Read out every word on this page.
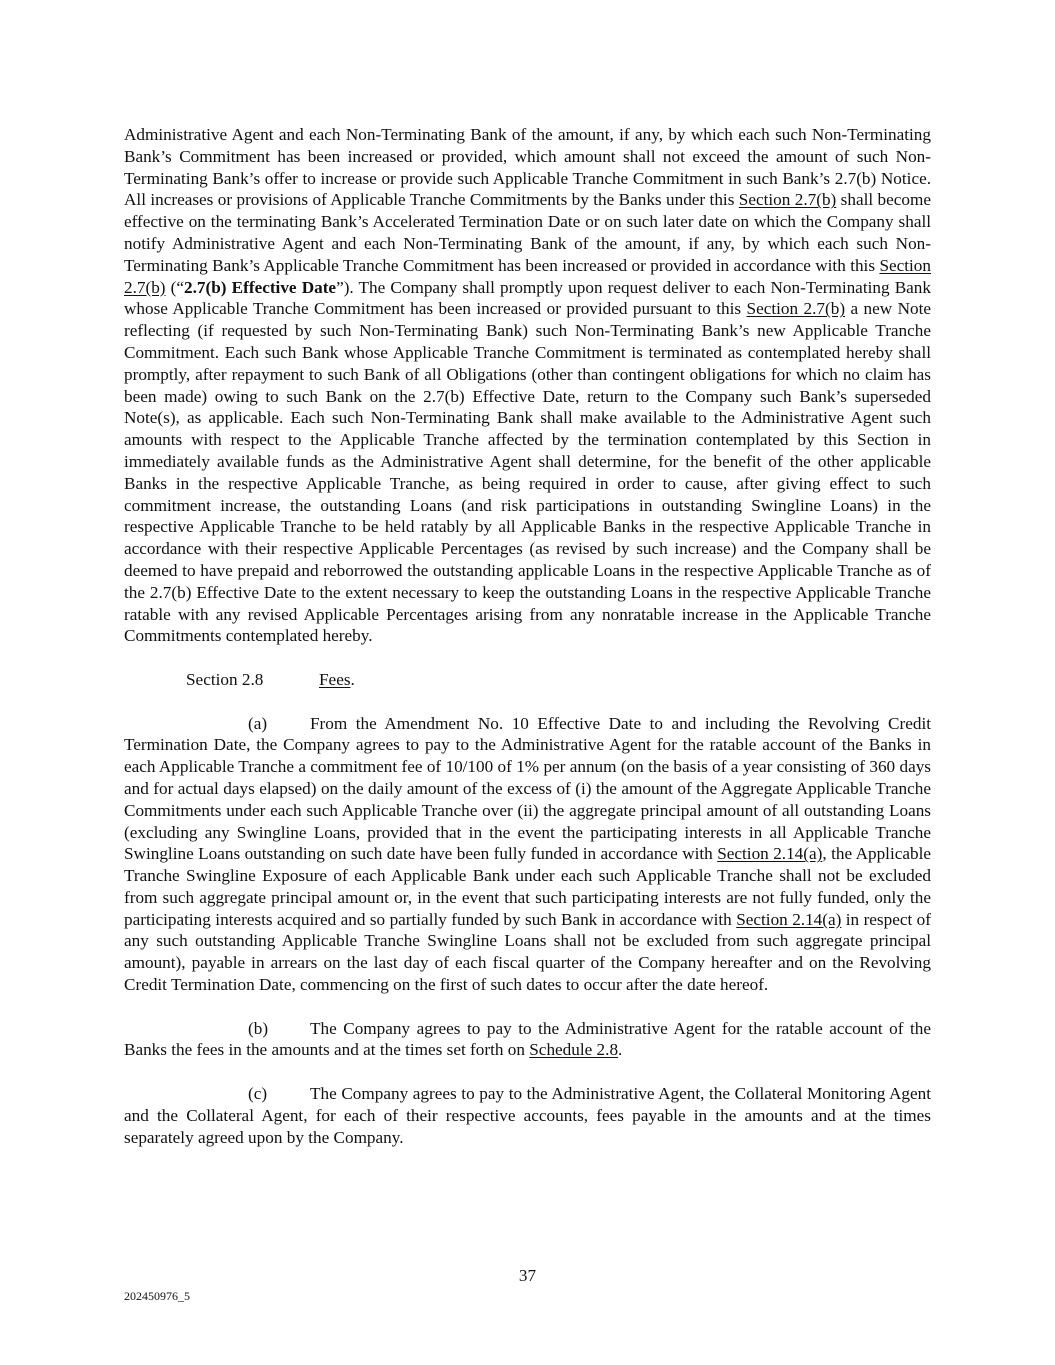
Administrative Agent and each Non-Terminating Bank of the amount, if any, by which each such Non-Terminating Bank’s Commitment has been increased or provided, which amount shall not exceed the amount of such Non-Terminating Bank’s offer to increase or provide such Applicable Tranche Commitment in such Bank’s 2.7(b) Notice. All increases or provisions of Applicable Tranche Commitments by the Banks under this Section 2.7(b) shall become effective on the terminating Bank’s Accelerated Termination Date or on such later date on which the Company shall notify Administrative Agent and each Non-Terminating Bank of the amount, if any, by which each such Non-Terminating Bank’s Applicable Tranche Commitment has been increased or provided in accordance with this Section 2.7(b) (“2.7(b) Effective Date”). The Company shall promptly upon request deliver to each Non-Terminating Bank whose Applicable Tranche Commitment has been increased or provided pursuant to this Section 2.7(b) a new Note reflecting (if requested by such Non-Terminating Bank) such Non-Terminating Bank’s new Applicable Tranche Commitment. Each such Bank whose Applicable Tranche Commitment is terminated as contemplated hereby shall promptly, after repayment to such Bank of all Obligations (other than contingent obligations for which no claim has been made) owing to such Bank on the 2.7(b) Effective Date, return to the Company such Bank’s superseded Note(s), as applicable. Each such Non-Terminating Bank shall make available to the Administrative Agent such amounts with respect to the Applicable Tranche affected by the termination contemplated by this Section in immediately available funds as the Administrative Agent shall determine, for the benefit of the other applicable Banks in the respective Applicable Tranche, as being required in order to cause, after giving effect to such commitment increase, the outstanding Loans (and risk participations in outstanding Swingline Loans) in the respective Applicable Tranche to be held ratably by all Applicable Banks in the respective Applicable Tranche in accordance with their respective Applicable Percentages (as revised by such increase) and the Company shall be deemed to have prepaid and reborrowed the outstanding applicable Loans in the respective Applicable Tranche as of the 2.7(b) Effective Date to the extent necessary to keep the outstanding Loans in the respective Applicable Tranche ratable with any revised Applicable Percentages arising from any nonratable increase in the Applicable Tranche Commitments contemplated hereby.

Section 2.8	Fees.

(a) From the Amendment No. 10 Effective Date to and including the Revolving Credit Termination Date, the Company agrees to pay to the Administrative Agent for the ratable account of the Banks in each Applicable Tranche a commitment fee of 10/100 of 1% per annum (on the basis of a year consisting of 360 days and for actual days elapsed) on the daily amount of the excess of (i) the amount of the Aggregate Applicable Tranche Commitments under each such Applicable Tranche over (ii) the aggregate principal amount of all outstanding Loans (excluding any Swingline Loans, provided that in the event the participating interests in all Applicable Tranche Swingline Loans outstanding on such date have been fully funded in accordance with Section 2.14(a), the Applicable Tranche Swingline Exposure of each Applicable Bank under each such Applicable Tranche shall not be excluded from such aggregate principal amount or, in the event that such participating interests are not fully funded, only the participating interests acquired and so partially funded by such Bank in accordance with Section 2.14(a) in respect of any such outstanding Applicable Tranche Swingline Loans shall not be excluded from such aggregate principal amount), payable in arrears on the last day of each fiscal quarter of the Company hereafter and on the Revolving Credit Termination Date, commencing on the first of such dates to occur after the date hereof.

(b) The Company agrees to pay to the Administrative Agent for the ratable account of the Banks the fees in the amounts and at the times set forth on Schedule 2.8.

(c) The Company agrees to pay to the Administrative Agent, the Collateral Monitoring Agent and the Collateral Agent, for each of their respective accounts, fees payable in the amounts and at the times separately agreed upon by the Company.

37
202450976_5
